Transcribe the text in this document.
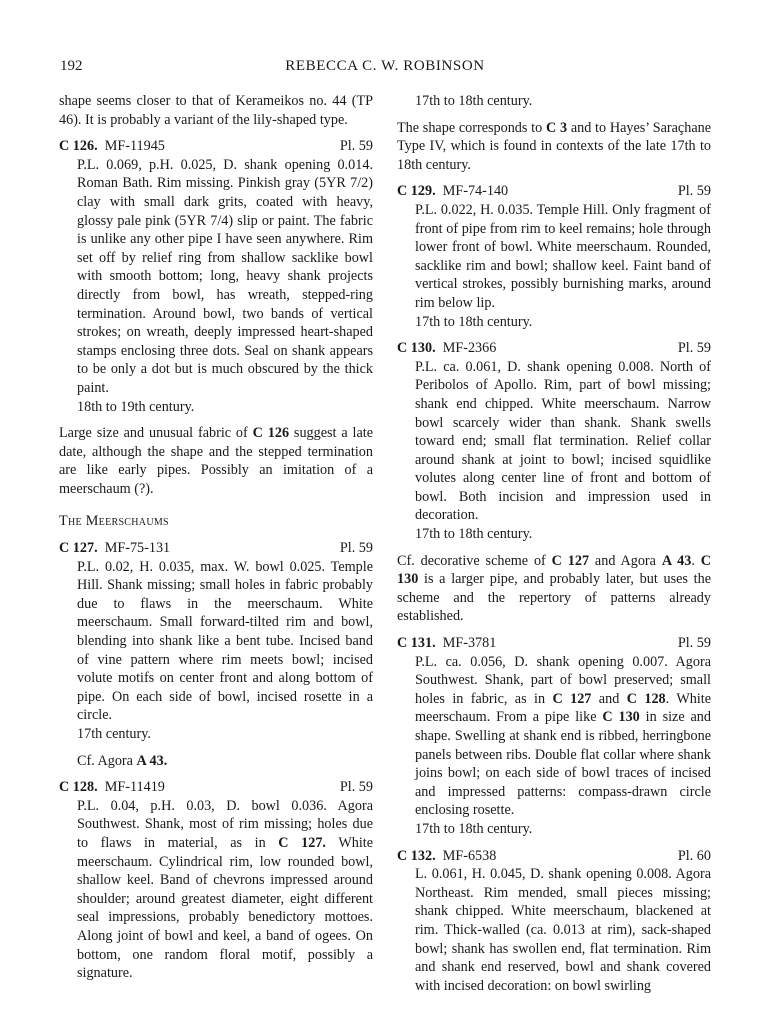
192	REBECCA C. W. ROBINSON

shape seems closer to that of Kerameikos no. 44 (TP 46). It is probably a variant of the lily-shaped type.

C 126. MF-11945	Pl. 59

P.L. 0.069, p.H. 0.025, D. shank opening 0.014. Roman Bath. Rim missing. Pinkish gray (5YR 7/2) clay with small dark grits, coated with heavy, glossy pale pink (5YR 7/4) slip or paint. The fabric is unlike any other pipe I have seen anywhere. Rim set off by relief ring from shallow sacklike bowl with smooth bottom; long, heavy shank projects directly from bowl, has wreath, stepped-ring termination. Around bowl, two bands of vertical strokes; on wreath, deeply impressed heart-shaped stamps enclosing three dots. Seal on shank appears to be only a dot but is much obscured by the thick paint.

18th to 19th century.

Large size and unusual fabric of C 126 suggest a late date, although the shape and the stepped termination are like early pipes. Possibly an imitation of a meerschaum (?).

The Meerschaums

C 127. MF-75-131	Pl. 59

P.L. 0.02, H. 0.035, max. W. bowl 0.025. Temple Hill. Shank missing; small holes in fabric probably due to flaws in the meerschaum. White meerschaum. Small forward-tilted rim and bowl, blending into shank like a bent tube. Incised band of vine pattern where rim meets bowl; incised volute motifs on center front and along bottom of pipe. On each side of bowl, incised rosette in a circle.

17th century.

Cf. Agora A 43.

C 128. MF-11419	Pl. 59

P.L. 0.04, p.H. 0.03, D. bowl 0.036. Agora Southwest. Shank, most of rim missing; holes due to flaws in material, as in C 127. White meerschaum. Cylindrical rim, low rounded bowl, shallow keel. Band of chevrons impressed around shoulder; around greatest diameter, eight different seal impressions, probably benedictory mottoes. Along joint of bowl and keel, a band of ogees. On bottom, one random floral motif, possibly a signature.

17th to 18th century.

The shape corresponds to C 3 and to Hayes’ Saraçhane Type IV, which is found in contexts of the late 17th to 18th century.

C 129. MF-74-140	Pl. 59

P.L. 0.022, H. 0.035. Temple Hill. Only fragment of front of pipe from rim to keel remains; hole through lower front of bowl. White meerschaum. Rounded, sacklike rim and bowl; shallow keel. Faint band of vertical strokes, possibly burnishing marks, around rim below lip.

17th to 18th century.

C 130. MF-2366	Pl. 59

P.L. ca. 0.061, D. shank opening 0.008. North of Peribolos of Apollo. Rim, part of bowl missing; shank end chipped. White meerschaum. Narrow bowl scarcely wider than shank. Shank swells toward end; small flat termination. Relief collar around shank at joint to bowl; incised squidlike volutes along center line of front and bottom of bowl. Both incision and impression used in decoration.

17th to 18th century.

Cf. decorative scheme of C 127 and Agora A 43. C 130 is a larger pipe, and probably later, but uses the scheme and the repertory of patterns already established.

C 131. MF-3781	Pl. 59

P.L. ca. 0.056, D. shank opening 0.007. Agora Southwest. Shank, part of bowl preserved; small holes in fabric, as in C 127 and C 128. White meerschaum. From a pipe like C 130 in size and shape. Swelling at shank end is ribbed, herringbone panels between ribs. Double flat collar where shank joins bowl; on each side of bowl traces of incised and impressed patterns: compass-drawn circle enclosing rosette.

17th to 18th century.

C 132. MF-6538	Pl. 60

L. 0.061, H. 0.045, D. shank opening 0.008. Agora Northeast. Rim mended, small pieces missing; shank chipped. White meerschaum, blackened at rim. Thick-walled (ca. 0.013 at rim), sack-shaped bowl; shank has swollen end, flat termination. Rim and shank end reserved, bowl and shank covered with incised decoration: on bowl swirling
